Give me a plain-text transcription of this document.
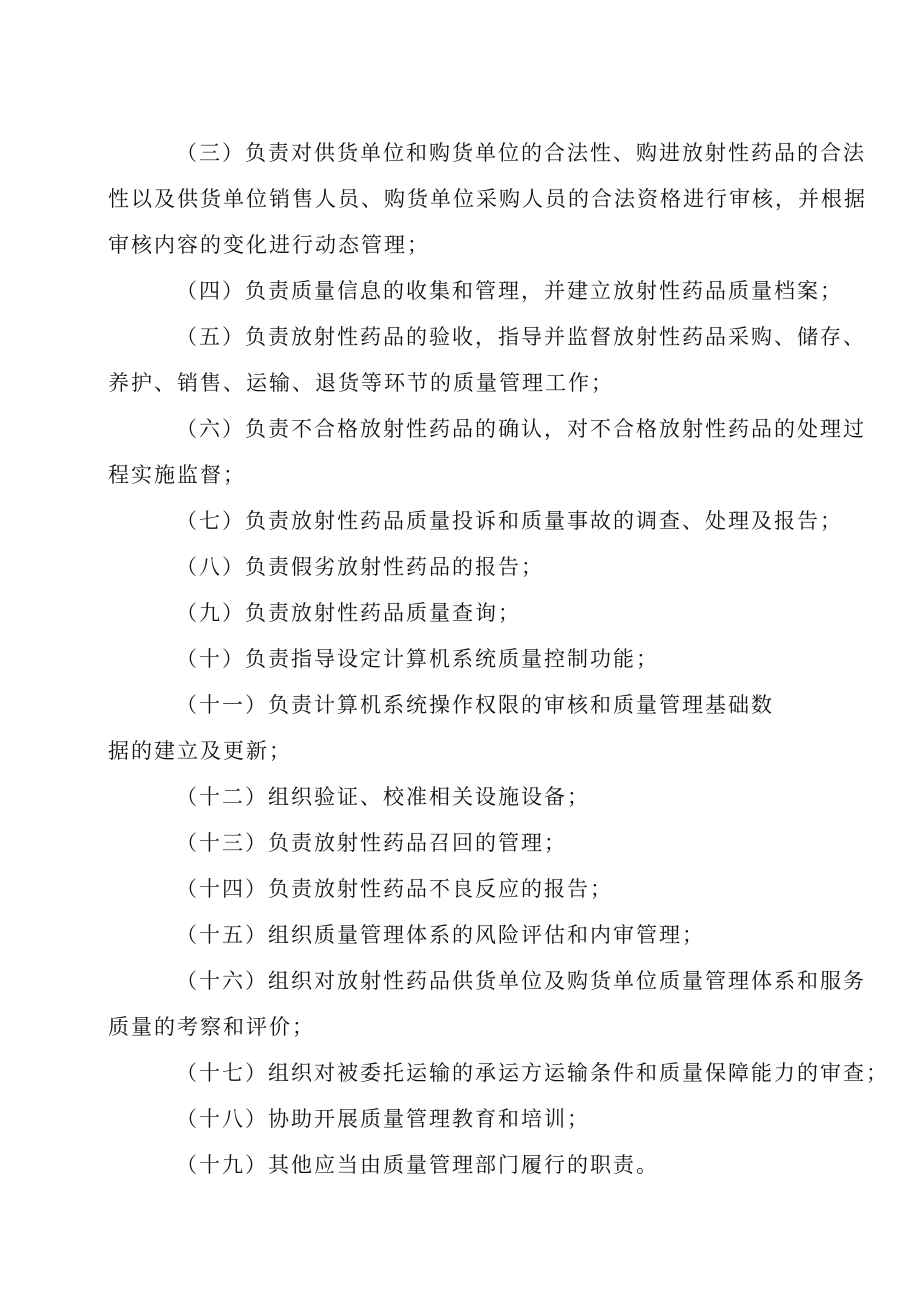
（三）负责对供货单位和购货单位的合法性、购进放射性药品的合法
性以及供货单位销售人员、购货单位采购人员的合法资格进行审核，并根据
审核内容的变化进行动态管理；
（四）负责质量信息的收集和管理，并建立放射性药品质量档案；
（五）负责放射性药品的验收，指导并监督放射性药品采购、储存、
养护、销售、运输、退货等环节的质量管理工作；
（六）负责不合格放射性药品的确认，对不合格放射性药品的处理过
程实施监督；
（七）负责放射性药品质量投诉和质量事故的调查、处理及报告；
（八）负责假劣放射性药品的报告；
（九）负责放射性药品质量查询；
（十）负责指导设定计算机系统质量控制功能；
（十一）负责计算机系统操作权限的审核和质量管理基础数
据的建立及更新；
（十二）组织验证、校准相关设施设备；
（十三）负责放射性药品召回的管理；
（十四）负责放射性药品不良反应的报告；
（十五）组织质量管理体系的风险评估和内审管理；
（十六）组织对放射性药品供货单位及购货单位质量管理体系和服务
质量的考察和评价；
（十七）组织对被委托运输的承运方运输条件和质量保障能力的审查；
（十八）协助开展质量管理教育和培训；
（十九）其他应当由质量管理部门履行的职责。
